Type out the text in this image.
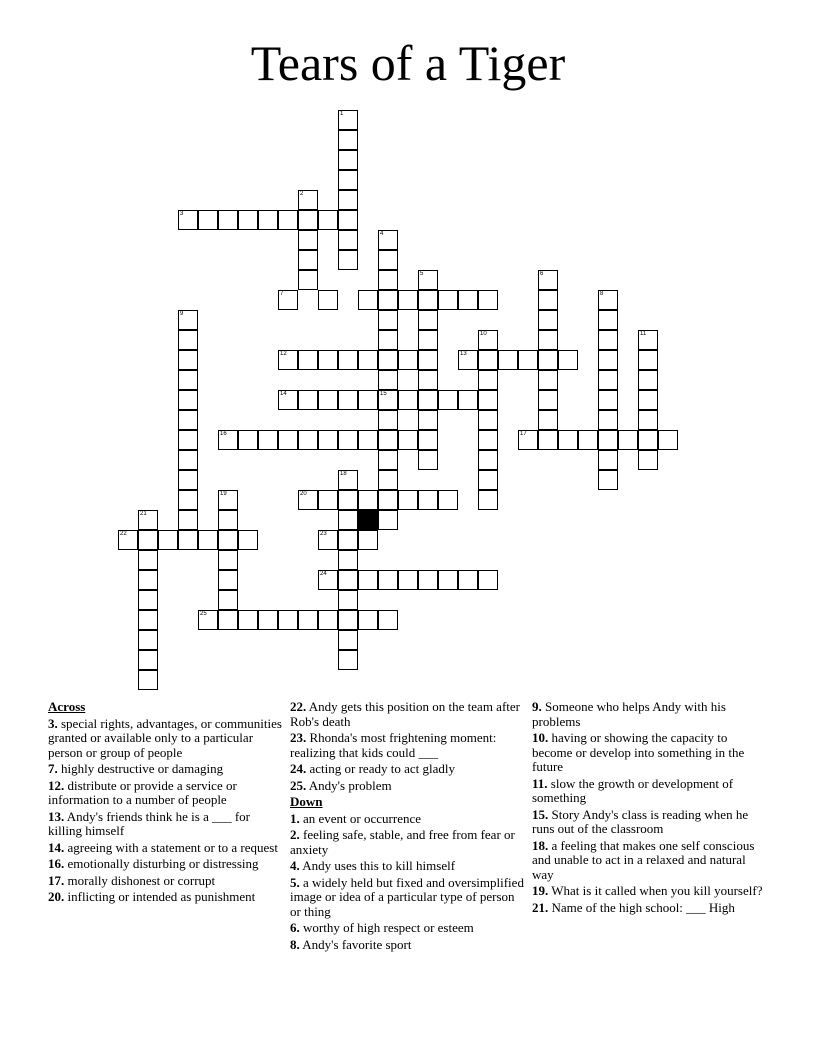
Tears of a Tiger
1
2
3
4
15
5	6
7	8
9
10	11
12	13
14
16	17
18
19	20
21
22	23
24
25
Across
3. special rights, advantages, or communities granted or available only to a particular person or group of people
7. highly destructive or damaging
12. distribute or provide a service or information to a number of people
13. Andy's friends think he is a ___ for killing himself
14. agreeing with a statement or to a request
16. emotionally disturbing or distressing
17. morally dishonest or corrupt
20. inflicting or intended as punishment
22. Andy gets this position on the team after Rob's death
23. Rhonda's most frightening moment: realizing that kids could ___
24. acting or ready to act gladly
25. Andy's problem
Down
1. an event or occurrence
2. feeling safe, stable, and free from fear or anxiety
4. Andy uses this to kill himself
5. a widely held but fixed and oversimplified image or idea of a particular type of person or thing
6. worthy of high respect or esteem
8. Andy's favorite sport
9. Someone who helps Andy with his problems
10. having or showing the capacity to become or develop into something in the future
11. slow the growth or development of something
15. Story Andy's class is reading when he runs out of the classroom
18. a feeling that makes one self conscious and unable to act in a relaxed and natural way
19. What is it called when you kill yourself?
21. Name of the high school: ___ High
